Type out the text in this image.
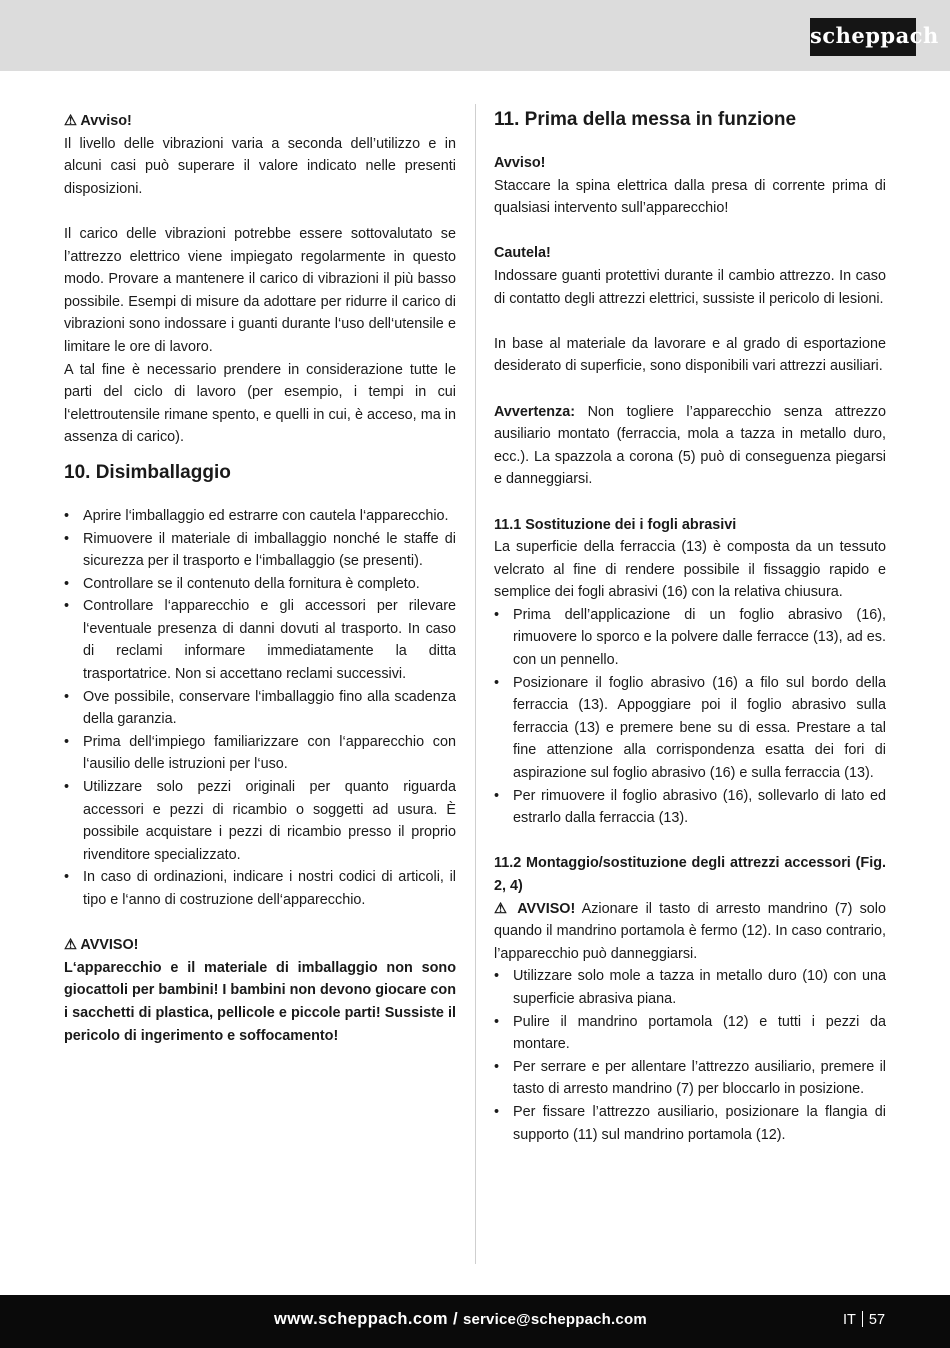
scheppach

⚠ Avviso!

Il livello delle vibrazioni varia a seconda dell’utilizzo e in alcuni casi può superare il valore indicato nelle presenti disposizioni.

Il carico delle vibrazioni potrebbe essere sottovalutato se l’attrezzo elettrico viene impiegato regolarmente in questo modo. Provare a mantenere il carico di vibrazioni il più basso possibile. Esempi di misure da adottare per ridurre il carico di vibrazioni sono indossare i guanti durante l‘uso dell‘utensile e limitare le ore di lavoro.

A tal fine è necessario prendere in considerazione tutte le parti del ciclo di lavoro (per esempio, i tempi in cui l‘elettroutensile rimane spento, e quelli in cui, è acceso, ma in assenza di carico).

10. Disimballaggio
• Aprire l‘imballaggio ed estrarre con cautela l‘apparecchio.
• Rimuovere il materiale di imballaggio nonché le staffe di sicurezza per il trasporto e l‘imballaggio (se presenti).
• Controllare se il contenuto della fornitura è completo.
• Controllare l‘apparecchio e gli accessori per rilevare l‘eventuale presenza di danni dovuti al trasporto. In caso di reclami informare immediatamente la ditta trasportatrice. Non si accettano reclami successivi.
• Ove possibile, conservare l‘imballaggio fino alla scadenza della garanzia.
• Prima dell‘impiego familiarizzare con l‘apparecchio con l‘ausilio delle istruzioni per l‘uso.
• Utilizzare solo pezzi originali per quanto riguarda accessori e pezzi di ricambio o soggetti ad usura. È possibile acquistare i pezzi di ricambio presso il proprio rivenditore specializzato.
• In caso di ordinazioni, indicare i nostri codici di articoli, il tipo e l‘anno di costruzione dell‘apparecchio.

⚠ AVVISO!

L‘apparecchio e il materiale di imballaggio non sono giocattoli per bambini! I bambini non devono giocare con i sacchetti di plastica, pellicole e piccole parti! Sussiste il pericolo di ingerimento e soffocamento!

11. Prima della messa in funzione

Avviso!

Staccare la spina elettrica dalla presa di corrente prima di qualsiasi intervento sull’apparecchio!

Cautela!

Indossare guanti protettivi durante il cambio attrezzo. In caso di contatto degli attrezzi elettrici, sussiste il pericolo di lesioni.

In base al materiale da lavorare e al grado di esportazione desiderato di superficie, sono disponibili vari attrezzi ausiliari.

Avvertenza: Non togliere l’apparecchio senza attrezzo ausiliario montato (ferraccia, mola a tazza in metallo duro, ecc.). La spazzola a corona (5) può di conseguenza piegarsi e danneggiarsi.

11.1 Sostituzione dei i fogli abrasivi

La superficie della ferraccia (13) è composta da un tessuto velcrato al fine di rendere possibile il fissaggio rapido e semplice dei fogli abrasivi (16) con la relativa chiusura.

• Prima dell’applicazione di un foglio abrasivo (16), rimuovere lo sporco e la polvere dalle ferracce (13), ad es. con un pennello.
• Posizionare il foglio abrasivo (16) a filo sul bordo della ferraccia (13). Appoggiare poi il foglio abrasivo sulla ferraccia (13) e premere bene su di essa. Prestare a tal fine attenzione alla corrispondenza esatta dei fori di aspirazione sul foglio abrasivo (16) e sulla ferraccia (13).
• Per rimuovere il foglio abrasivo (16), sollevarlo di lato ed estrarlo dalla ferraccia (13).

11.2 Montaggio/sostituzione degli attrezzi accessori (Fig. 2, 4)

⚠ AVVISO! Azionare il tasto di arresto mandrino (7) solo quando il mandrino portamola è fermo (12). In caso contrario, l’apparecchio può danneggiarsi.

• Utilizzare solo mole a tazza in metallo duro (10) con una superficie abrasiva piana.
• Pulire il mandrino portamola (12) e tutti i pezzi da montare.
• Per serrare e per allentare l’attrezzo ausiliario, premere il tasto di arresto mandrino (7) per bloccarlo in posizione.
• Per fissare l’attrezzo ausiliario, posizionare la flangia di supporto (11) sul mandrino portamola (12).
www.scheppach.com / service@scheppach.com	IT 57
